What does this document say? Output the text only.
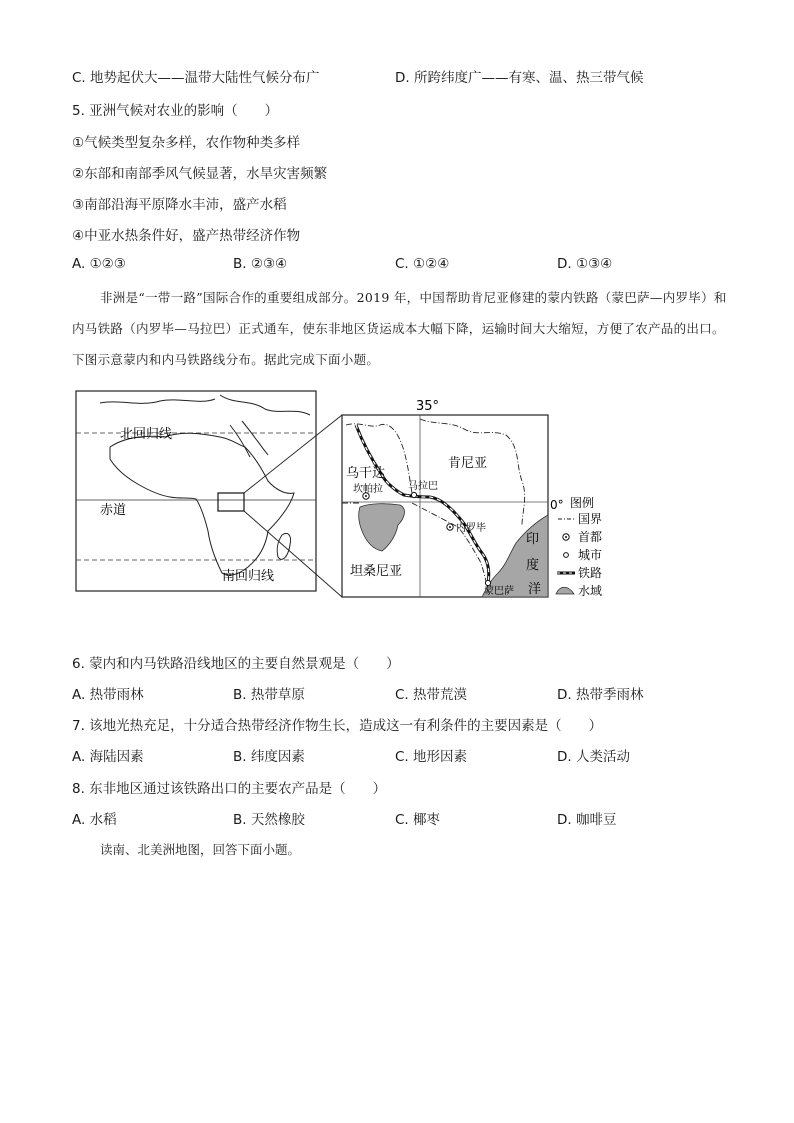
C. 地势起伏大——温带大陆性气候分布广	D. 所跨纬度广——有寒、温、热三带气候
5. 亚洲气候对农业的影响（　　）
①气候类型复杂多样，农作物种类多样
②东部和南部季风气候显著，水旱灾害频繁
③南部沿海平原降水丰沛，盛产水稻
④中亚水热条件好，盛产热带经济作物
A. ①②③	B. ②③④	C. ①②④	D. ①③④
非洲是“一带一路”国际合作的重要组成部分。2019 年，中国帮助肯尼亚修建的蒙内铁路（蒙巴萨—内罗毕）和内马铁路（内罗毕—马拉巴）正式通车，使东非地区货运成本大幅下降，运输时间大大缩短，方便了农产品的出口。下图示意蒙内和内马铁路线分布。据此完成下面小题。
北回归线
赤道
南回归线
35°
乌干达
肯尼亚
坦桑尼亚
坎帕拉	马拉巴
内罗毕
蒙巴萨
印
度
洋
0° 图例
国界
首都
城市
铁路
水域
6. 蒙内和内马铁路沿线地区的主要自然景观是（　　）
A. 热带雨林	B. 热带草原	C. 热带荒漠	D. 热带季雨林
7. 该地光热充足，十分适合热带经济作物生长，造成这一有利条件的主要因素是（　　）
A. 海陆因素	B. 纬度因素	C. 地形因素	D. 人类活动
8. 东非地区通过该铁路出口的主要农产品是（　　）
A. 水稻	B. 天然橡胶	C. 椰枣	D. 咖啡豆
读南、北美洲地图，回答下面小题。
